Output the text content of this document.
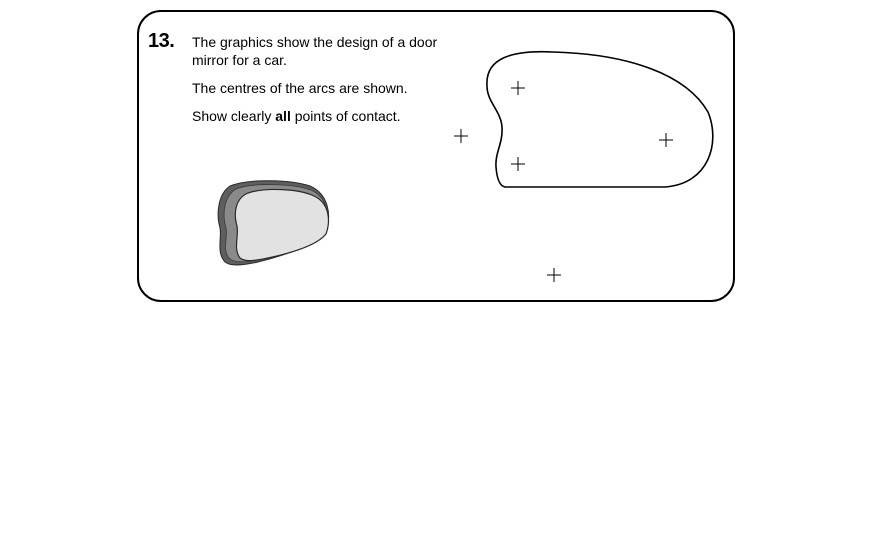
13. The graphics show the design of a door mirror for a car.

The centres of the arcs are shown.

Show clearly all points of contact.
